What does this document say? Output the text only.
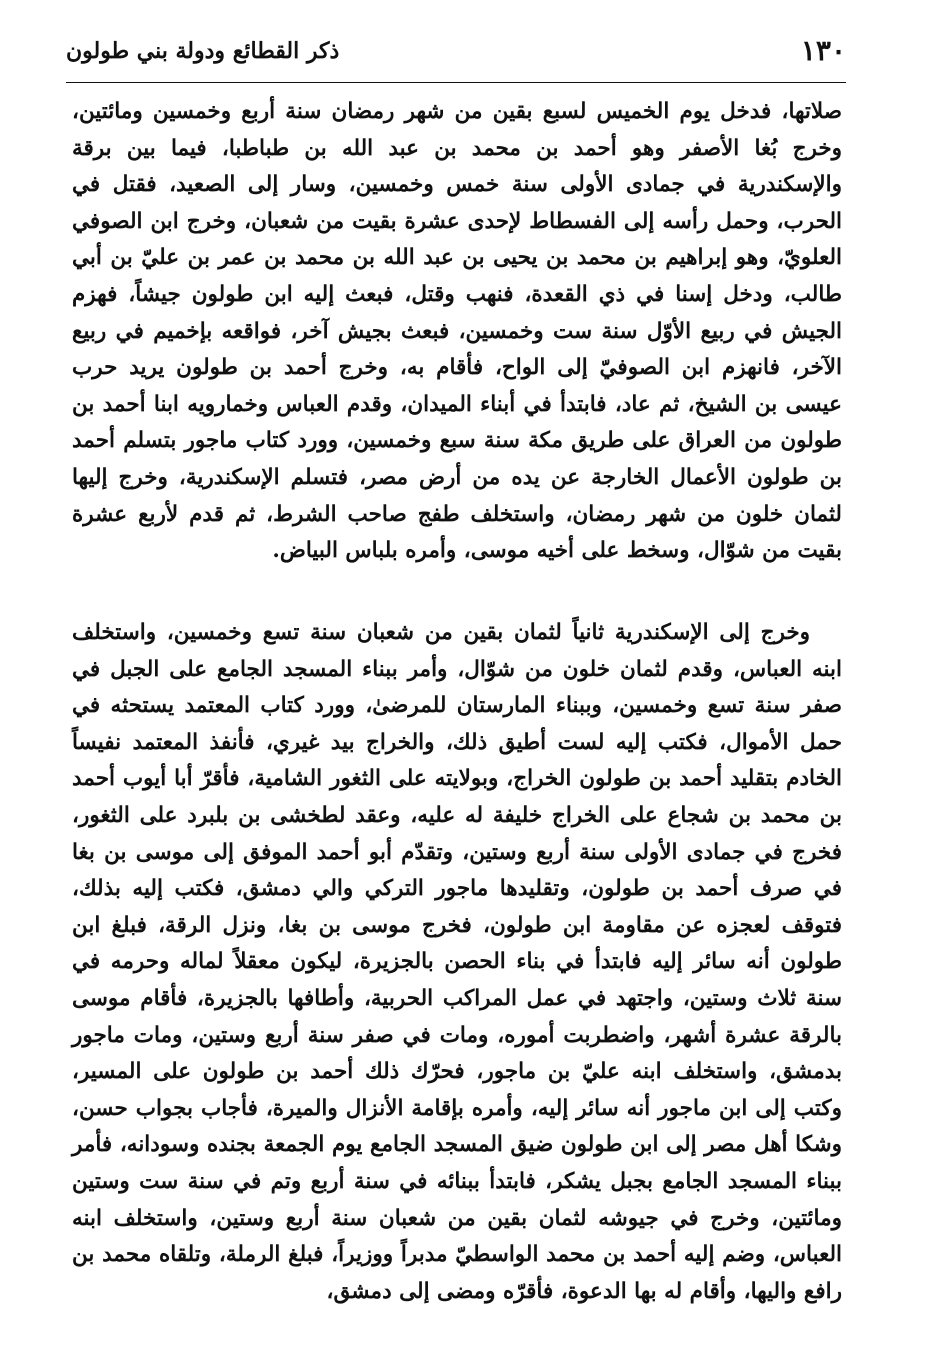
١٣٠
ذكر القطائع ودولة بني طولون

صلاتها، فدخل يوم الخميس لسبع بقين من شهر رمضان سنة أربع وخمسين ومائتين، وخرج بُغا الأصفر وهو أحمد بن محمد بن عبد الله بن طباطبا، فيما بين برقة والإسكندرية في جمادى الأولى سنة خمس وخمسين، وسار إلى الصعيد، فقتل في الحرب، وحمل رأسه إلى الفسطاط لإحدى عشرة بقيت من شعبان، وخرج ابن الصوفي العلويّ، وهو إبراهيم بن محمد بن يحيى بن عبد الله بن محمد بن عمر بن عليّ بن أبي طالب، ودخل إسنا في ذي القعدة، فنهب وقتل، فبعث إليه ابن طولون جيشاً، فهزم الجيش في ربيع الأوّل سنة ست وخمسين، فبعث بجيش آخر، فواقعه بإخميم في ربيع الآخر، فانهزم ابن الصوفيّ إلى الواح، فأقام به، وخرج أحمد بن طولون يريد حرب عيسى بن الشيخ، ثم عاد، فابتدأ في أبناء الميدان، وقدم العباس وخمارويه ابنا أحمد بن طولون من العراق على طريق مكة سنة سبع وخمسين، وورد كتاب ماجور بتسلم أحمد بن طولون الأعمال الخارجة عن يده من أرض مصر، فتسلم الإسكندرية، وخرج إليها لثمان خلون من شهر رمضان، واستخلف طفج صاحب الشرط، ثم قدم لأربع عشرة بقيت من شوّال، وسخط على أخيه موسى، وأمره بلباس البياض.

وخرج إلى الإسكندرية ثانياً لثمان بقين من شعبان سنة تسع وخمسين، واستخلف ابنه العباس، وقدم لثمان خلون من شوّال، وأمر ببناء المسجد الجامع على الجبل في صفر سنة تسع وخمسين، وببناء المارستان للمرضىٰ، وورد كتاب المعتمد يستحثه في حمل الأموال، فكتب إليه لست أطيق ذلك، والخراج بيد غيري، فأنفذ المعتمد نفيساً الخادم بتقليد أحمد بن طولون الخراج، وبولايته على الثغور الشامية، فأقرّ أبا أيوب أحمد بن محمد بن شجاع على الخراج خليفة له عليه، وعقد لطخشى بن بلبرد على الثغور، فخرج في جمادى الأولى سنة أربع وستين، وتقدّم أبو أحمد الموفق إلى موسى بن بغا في صرف أحمد بن طولون، وتقليدها ماجور التركي والي دمشق، فكتب إليه بذلك، فتوقف لعجزه عن مقاومة ابن طولون، فخرج موسى بن بغا، ونزل الرقة، فبلغ ابن طولون أنه سائر إليه فابتدأ في بناء الحصن بالجزيرة، ليكون معقلاً لماله وحرمه في سنة ثلاث وستين، واجتهد في عمل المراكب الحربية، وأطافها بالجزيرة، فأقام موسى بالرقة عشرة أشهر، واضطربت أموره، ومات في صفر سنة أربع وستين، ومات ماجور بدمشق، واستخلف ابنه عليّ بن ماجور، فحرّك ذلك أحمد بن طولون على المسير، وكتب إلى ابن ماجور أنه سائر إليه، وأمره بإقامة الأنزال والميرة، فأجاب بجواب حسن، وشكا أهل مصر إلى ابن طولون ضيق المسجد الجامع يوم الجمعة بجنده وسودانه، فأمر ببناء المسجد الجامع بجبل يشكر، فابتدأ ببنائه في سنة أربع وتم في سنة ست وستين ومائتين، وخرج في جيوشه لثمان بقين من شعبان سنة أربع وستين، واستخلف ابنه العباس، وضم إليه أحمد بن محمد الواسطيّ مدبراً ووزيراً، فبلغ الرملة، وتلقاه محمد بن رافع واليها، وأقام له بها الدعوة، فأقرّه ومضى إلى دمشق،
